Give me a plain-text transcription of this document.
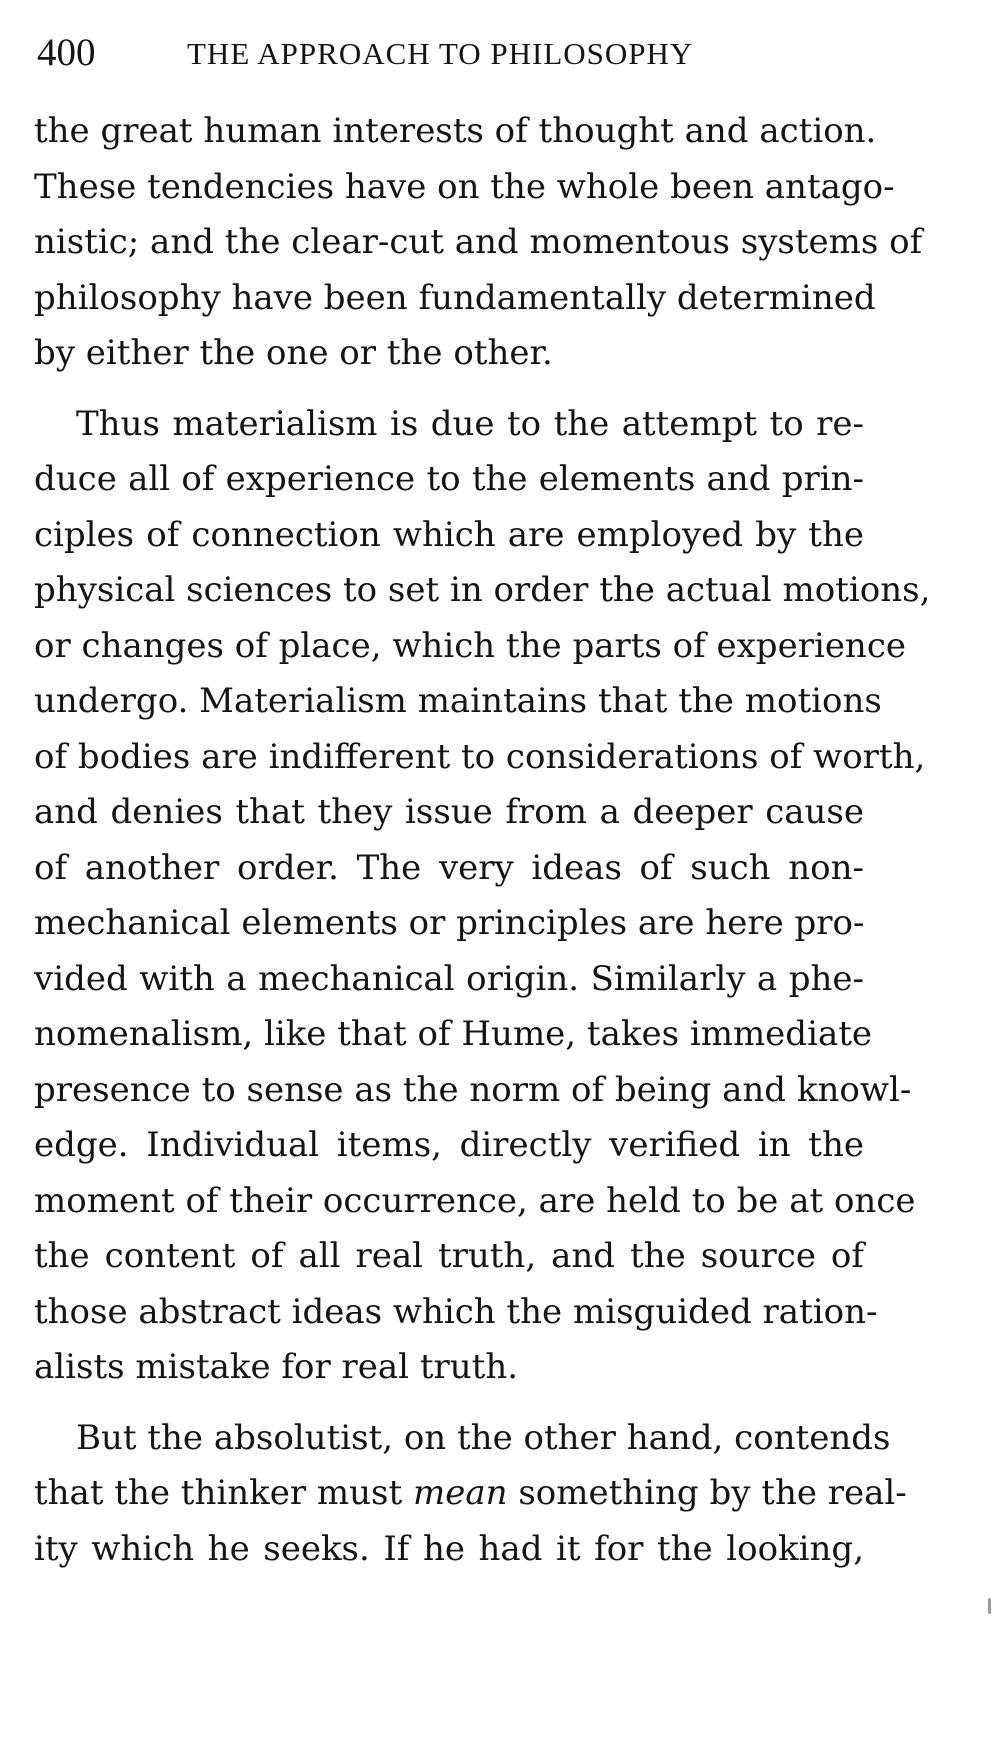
400	THE APPROACH TO PHILOSOPHY
the great human interests of thought and action.
These tendencies have on the whole been antago-
nistic; and the clear-cut and momentous systems of
philosophy have been fundamentally determined
by either the one or the other.
Thus materialism is due to the attempt to re-
duce all of experience to the elements and prin-
ciples of connection which are employed by the
physical sciences to set in order the actual motions,
or changes of place, which the parts of experience
undergo. Materialism maintains that the motions
of bodies are indifferent to considerations of worth,
and denies that they issue from a deeper cause
of another order. The very ideas of such non-
mechanical elements or principles are here pro-
vided with a mechanical origin. Similarly a phe-
nomenalism, like that of Hume, takes immediate
presence to sense as the norm of being and knowl-
edge. Individual items, directly verified in the
moment of their occurrence, are held to be at once
the content of all real truth, and the source of
those abstract ideas which the misguided ration-
alists mistake for real truth.
But the absolutist, on the other hand, contends
that the thinker must mean something by the real-
ity which he seeks. If he had it for the looking,
